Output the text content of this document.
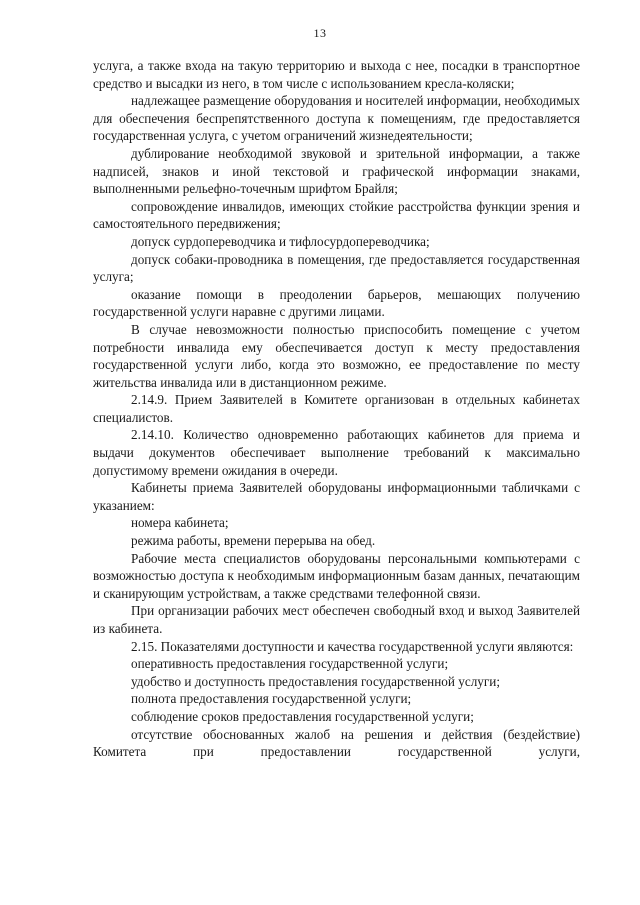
13

услуга, а также входа на такую территорию и выхода с нее, посадки в транспортное средство и высадки из него, в том числе с использованием кресла-коляски;

надлежащее размещение оборудования и носителей информации, необходимых для обеспечения беспрепятственного доступа к помещениям, где предоставляется государственная услуга, с учетом ограничений жизнедеятельности;

дублирование необходимой звуковой и зрительной информации, а также надписей, знаков и иной текстовой и графической информации знаками, выполненными рельефно-точечным шрифтом Брайля;

сопровождение инвалидов, имеющих стойкие расстройства функции зрения и самостоятельного передвижения;

допуск сурдопереводчика и тифлосурдопереводчика;

допуск собаки-проводника в помещения, где предоставляется государственная услуга;

оказание помощи в преодолении барьеров, мешающих получению государственной услуги наравне с другими лицами.

В случае невозможности полностью приспособить помещение с учетом потребности инвалида ему обеспечивается доступ к месту предоставления государственной услуги либо, когда это возможно, ее предоставление по месту жительства инвалида или в дистанционном режиме.

2.14.9. Прием Заявителей в Комитете организован в отдельных кабинетах специалистов.

2.14.10. Количество одновременно работающих кабинетов для приема и выдачи документов обеспечивает выполнение требований к максимально допустимому времени ожидания в очереди.

Кабинеты приема Заявителей оборудованы информационными табличками с указанием:

номера кабинета;

режима работы, времени перерыва на обед.

Рабочие места специалистов оборудованы персональными компьютерами с возможностью доступа к необходимым информационным базам данных, печатающим и сканирующим устройствам, а также средствами телефонной связи.

При организации рабочих мест обеспечен свободный вход и выход Заявителей из кабинета.

2.15. Показателями доступности и качества государственной услуги являются:

оперативность предоставления государственной услуги;

удобство и доступность предоставления государственной услуги;

полнота предоставления государственной услуги;

соблюдение сроков предоставления государственной услуги;

отсутствие обоснованных жалоб на решения и действия (бездействие) Комитета при предоставлении государственной услуги,
